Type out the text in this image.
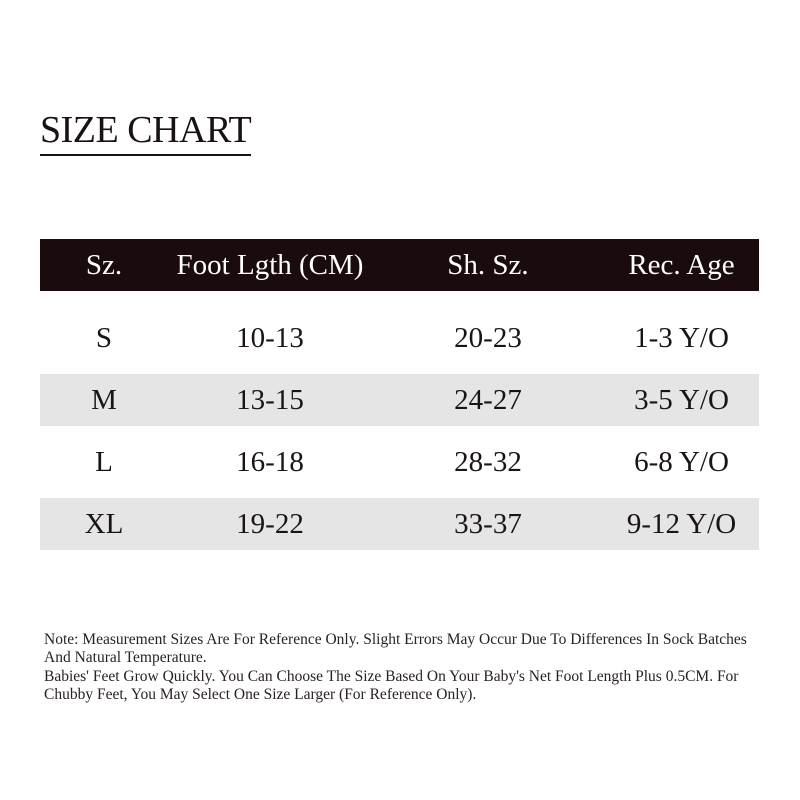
SIZE CHART
Sz.	Foot Lgth (CM)	Sh. Sz.	Rec. Age
S	10-13	20-23	1-3 Y/O
M	13-15	24-27	3-5 Y/O
L	16-18	28-32	6-8 Y/O
XL	19-22	33-37	9-12 Y/O

Note: Measurement Sizes Are For Reference Only. Slight Errors May Occur Due To Differences In Sock Batches And Natural Temperature.

Babies' Feet Grow Quickly. You Can Choose The Size Based On Your Baby's Net Foot Length Plus 0.5CM. For Chubby Feet, You May Select One Size Larger (For Reference Only).
